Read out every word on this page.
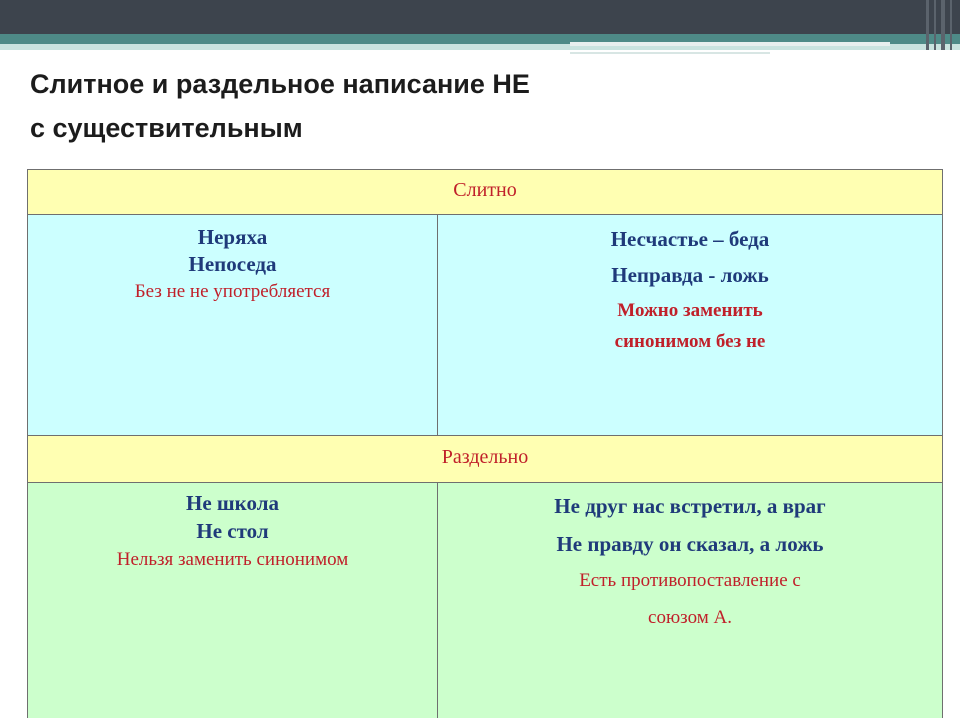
Слитное и раздельное написание НЕ
с существительным
Слитно
Неряха
Непоседа
Без не не употребляется
Несчастье – беда
Неправда - ложь
Можно заменить
синонимом без не
Раздельно
Не школа
Не стол
Нельзя заменить синонимом
Не друг нас встретил, а враг
Не правду он сказал, а ложь
Есть противопоставление с
союзом А.
